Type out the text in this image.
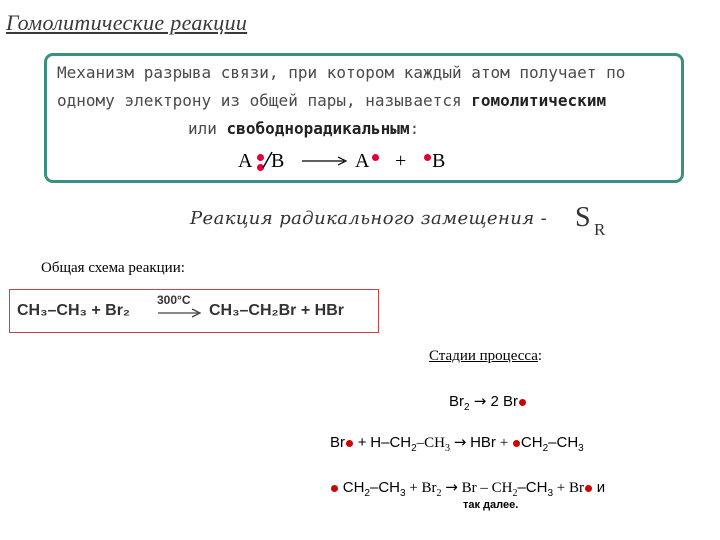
Гомолитические реакции
Механизм разрыва связи, при котором каждый атом получает по
одному электрону из общей пары, называется гомолитическим
или свободнорадикальным:
A B → A + B
Реакция радикального замещения - S R
Общая схема реакции:
CH₃–CH₃ + Br₂ → CH₃–CH₂Br + HBr
300°C
Стадии процесса:
$Br_2 \to 2$ Br
$Br + H-CH_2-CH_3$ → HBr + $CH_2-CH_3$
$CH_2-CH_3 + Br_2 \to Br - CH_2-CH_3 + Br$ и
так далее.
